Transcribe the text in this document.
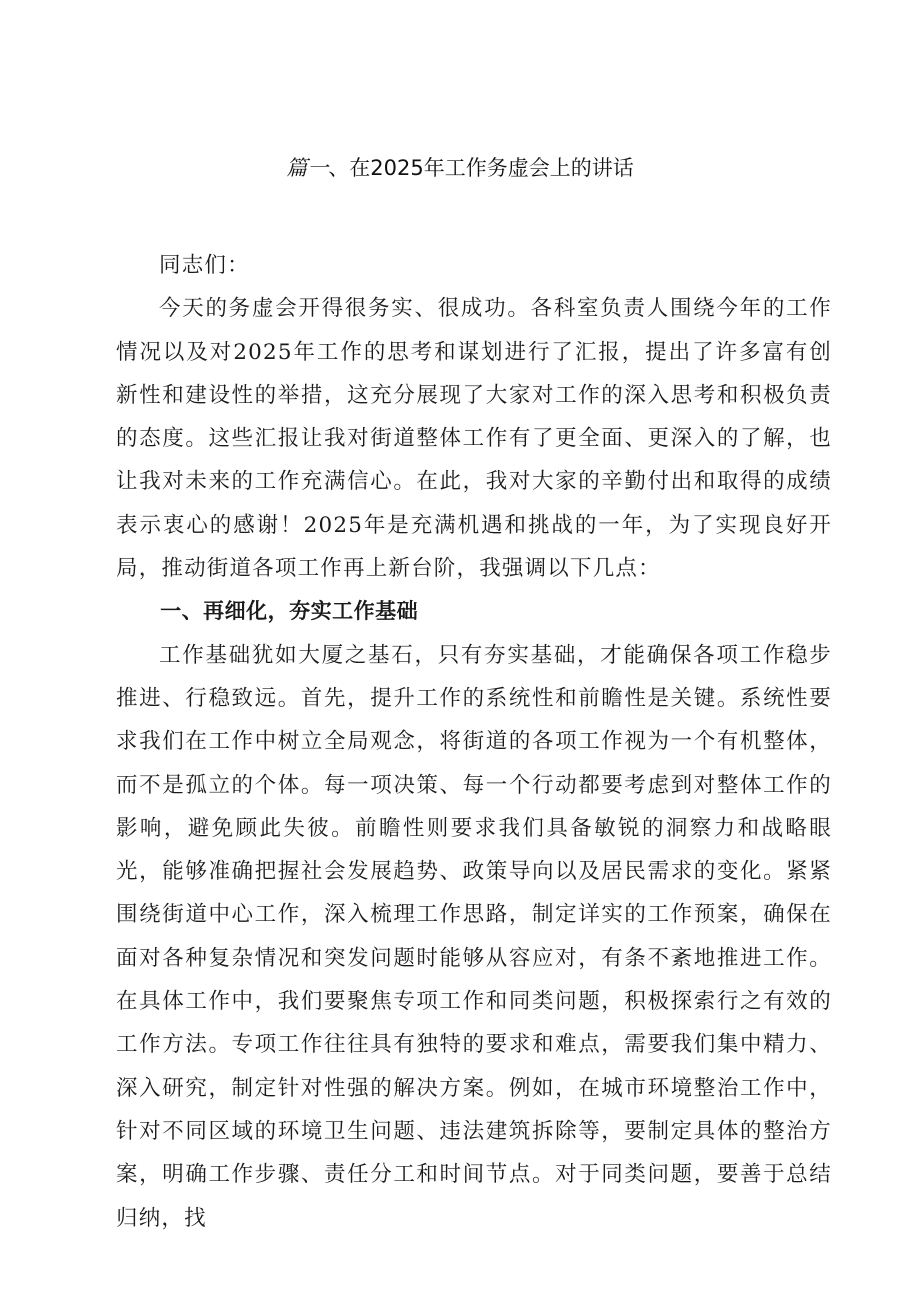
篇一、在2025年工作务虚会上的讲话

同志们：

今天的务虚会开得很务实、很成功。各科室负责人围绕今年的工作情况以及对2025年工作的思考和谋划进行了汇报，提出了许多富有创新性和建设性的举措，这充分展现了大家对工作的深入思考和积极负责的态度。这些汇报让我对街道整体工作有了更全面、更深入的了解，也让我对未来的工作充满信心。在此，我对大家的辛勤付出和取得的成绩表示衷心的感谢！2025年是充满机遇和挑战的一年，为了实现良好开局，推动街道各项工作再上新台阶，我强调以下几点：

一、再细化，夯实工作基础

工作基础犹如大厦之基石，只有夯实基础，才能确保各项工作稳步推进、行稳致远。首先，提升工作的系统性和前瞻性是关键。系统性要求我们在工作中树立全局观念，将街道的各项工作视为一个有机整体，而不是孤立的个体。每一项决策、每一个行动都要考虑到对整体工作的影响，避免顾此失彼。前瞻性则要求我们具备敏锐的洞察力和战略眼光，能够准确把握社会发展趋势、政策导向以及居民需求的变化。紧紧围绕街道中心工作，深入梳理工作思路，制定详实的工作预案，确保在面对各种复杂情况和突发问题时能够从容应对，有条不紊地推进工作。在具体工作中，我们要聚焦专项工作和同类问题，积极探索行之有效的工作方法。专项工作往往具有独特的要求和难点，需要我们集中精力、深入研究，制定针对性强的解决方案。例如，在城市环境整治工作中，针对不同区域的环境卫生问题、违法建筑拆除等，要制定具体的整治方案，明确工作步骤、责任分工和时间节点。对于同类问题，要善于总结归纳，找
